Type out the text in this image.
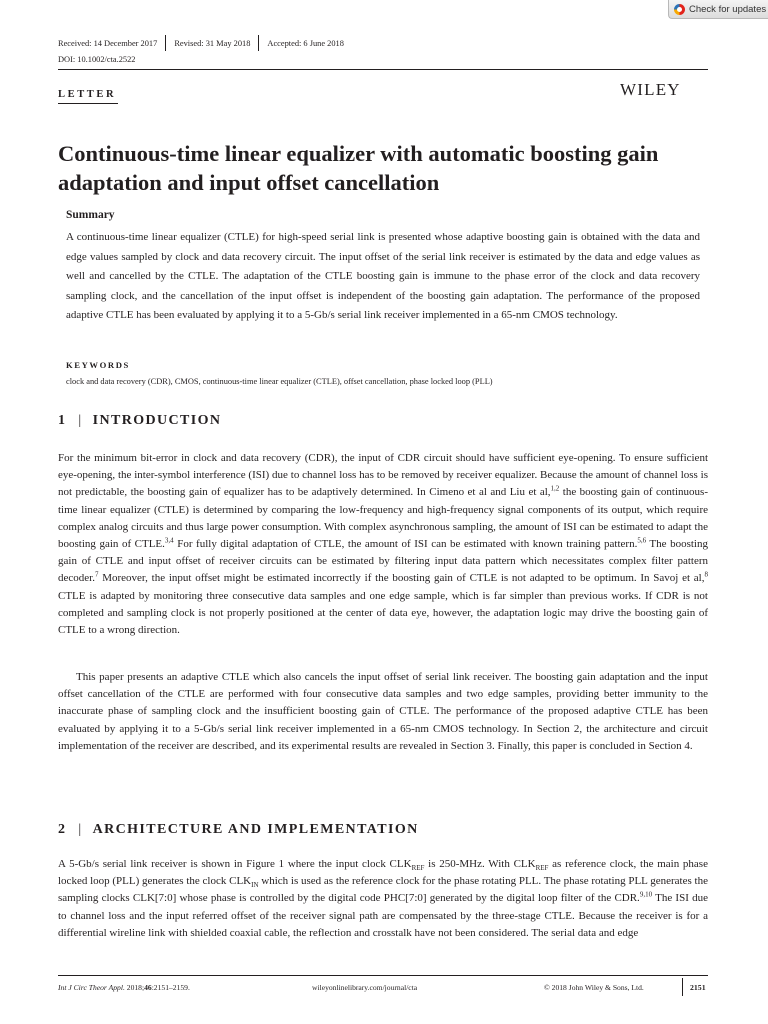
Check for updates
Received: 14 December 2017 Revised: 31 May 2018 Accepted: 6 June 2018
DOI: 10.1002/cta.2522
LETTER	WILEY
Continuous-time linear equalizer with automatic boosting gain adaptation and input offset cancellation
Summary

A continuous-time linear equalizer (CTLE) for high-speed serial link is presented whose adaptive boosting gain is obtained with the data and edge values sampled by clock and data recovery circuit. The input offset of the serial link receiver is estimated by the data and edge values as well and cancelled by the CTLE. The adaptation of the CTLE boosting gain is immune to the phase error of the clock and data recovery sampling clock, and the cancellation of the input offset is independent of the boosting gain adaptation. The performance of the proposed adaptive CTLE has been evaluated by applying it to a 5-Gb/s serial link receiver implemented in a 65-nm CMOS technology.

KEYWORDS
clock and data recovery (CDR), CMOS, continuous-time linear equalizer (CTLE), offset cancellation, phase locked loop (PLL)
1 | INTRODUCTION

For the minimum bit-error in clock and data recovery (CDR), the input of CDR circuit should have sufficient eye-opening. To ensure sufficient eye-opening, the inter-symbol interference (ISI) due to channel loss has to be removed by receiver equalizer. Because the amount of channel loss is not predictable, the boosting gain of equalizer has to be adaptively determined. In Cimeno et al and Liu et al,$^{1,2}$ the boosting gain of continuous-time linear equalizer (CTLE) is determined by comparing the low-frequency and high-frequency signal components of its output, which require complex analog circuits and thus large power consumption. With complex asynchronous sampling, the amount of ISI can be estimated to adapt the boosting gain of CTLE.$^{3,4}$ For fully digital adaptation of CTLE, the amount of ISI can be estimated with known training pattern.$^{5,6}$ The boosting gain of CTLE and input offset of receiver circuits can be estimated by filtering input data pattern which necessitates complex filter pattern decoder.$^7$ Moreover, the input offset might be estimated incorrectly if the boosting gain of CTLE is not adapted to be optimum. In Savoj et al,$^8$ CTLE is adapted by monitoring three consecutive data samples and one edge sample, which is far simpler than previous works. If CDR is not completed and sampling clock is not properly positioned at the center of data eye, however, the adaptation logic may drive the boosting gain of CTLE to a wrong direction.

This paper presents an adaptive CTLE which also cancels the input offset of serial link receiver. The boosting gain adaptation and the input offset cancellation of the CTLE are performed with four consecutive data samples and two edge samples, providing better immunity to the inaccurate phase of sampling clock and the insufficient boosting gain of CTLE. The performance of the proposed adaptive CTLE has been evaluated by applying it to a 5-Gb/s serial link receiver implemented in a 65-nm CMOS technology. In Section 2, the architecture and circuit implementation of the receiver are described, and its experimental results are revealed in Section 3. Finally, this paper is concluded in Section 4.

2 | ARCHITECTURE AND IMPLEMENTATION

A 5-Gb/s serial link receiver is shown in Figure 1 where the input clock $CLK_{REF}$ is 250-MHz. With $CLK_{REF}$ as reference clock, the main phase locked loop (PLL) generates the clock $CLK_{IN}$ which is used as the reference clock for the phase rotating PLL. The phase rotating PLL generates the sampling clocks CLK[7:0] whose phase is controlled by the digital code PHC[7:0] generated by the digital loop filter of the CDR.$^{9,10}$ The ISI due to channel loss and the input referred offset of the receiver signal path are compensated by the three-stage CTLE. Because the receiver is for a differential wireline link with shielded coaxial cable, the reflection and crosstalk have not been considered. The serial data and edge

Int J Circ Theor Appl. 2018;46:2151–2159.	wileyonlinelibrary.com/journal/cta	© 2018 John Wiley & Sons, Ltd.	2151
